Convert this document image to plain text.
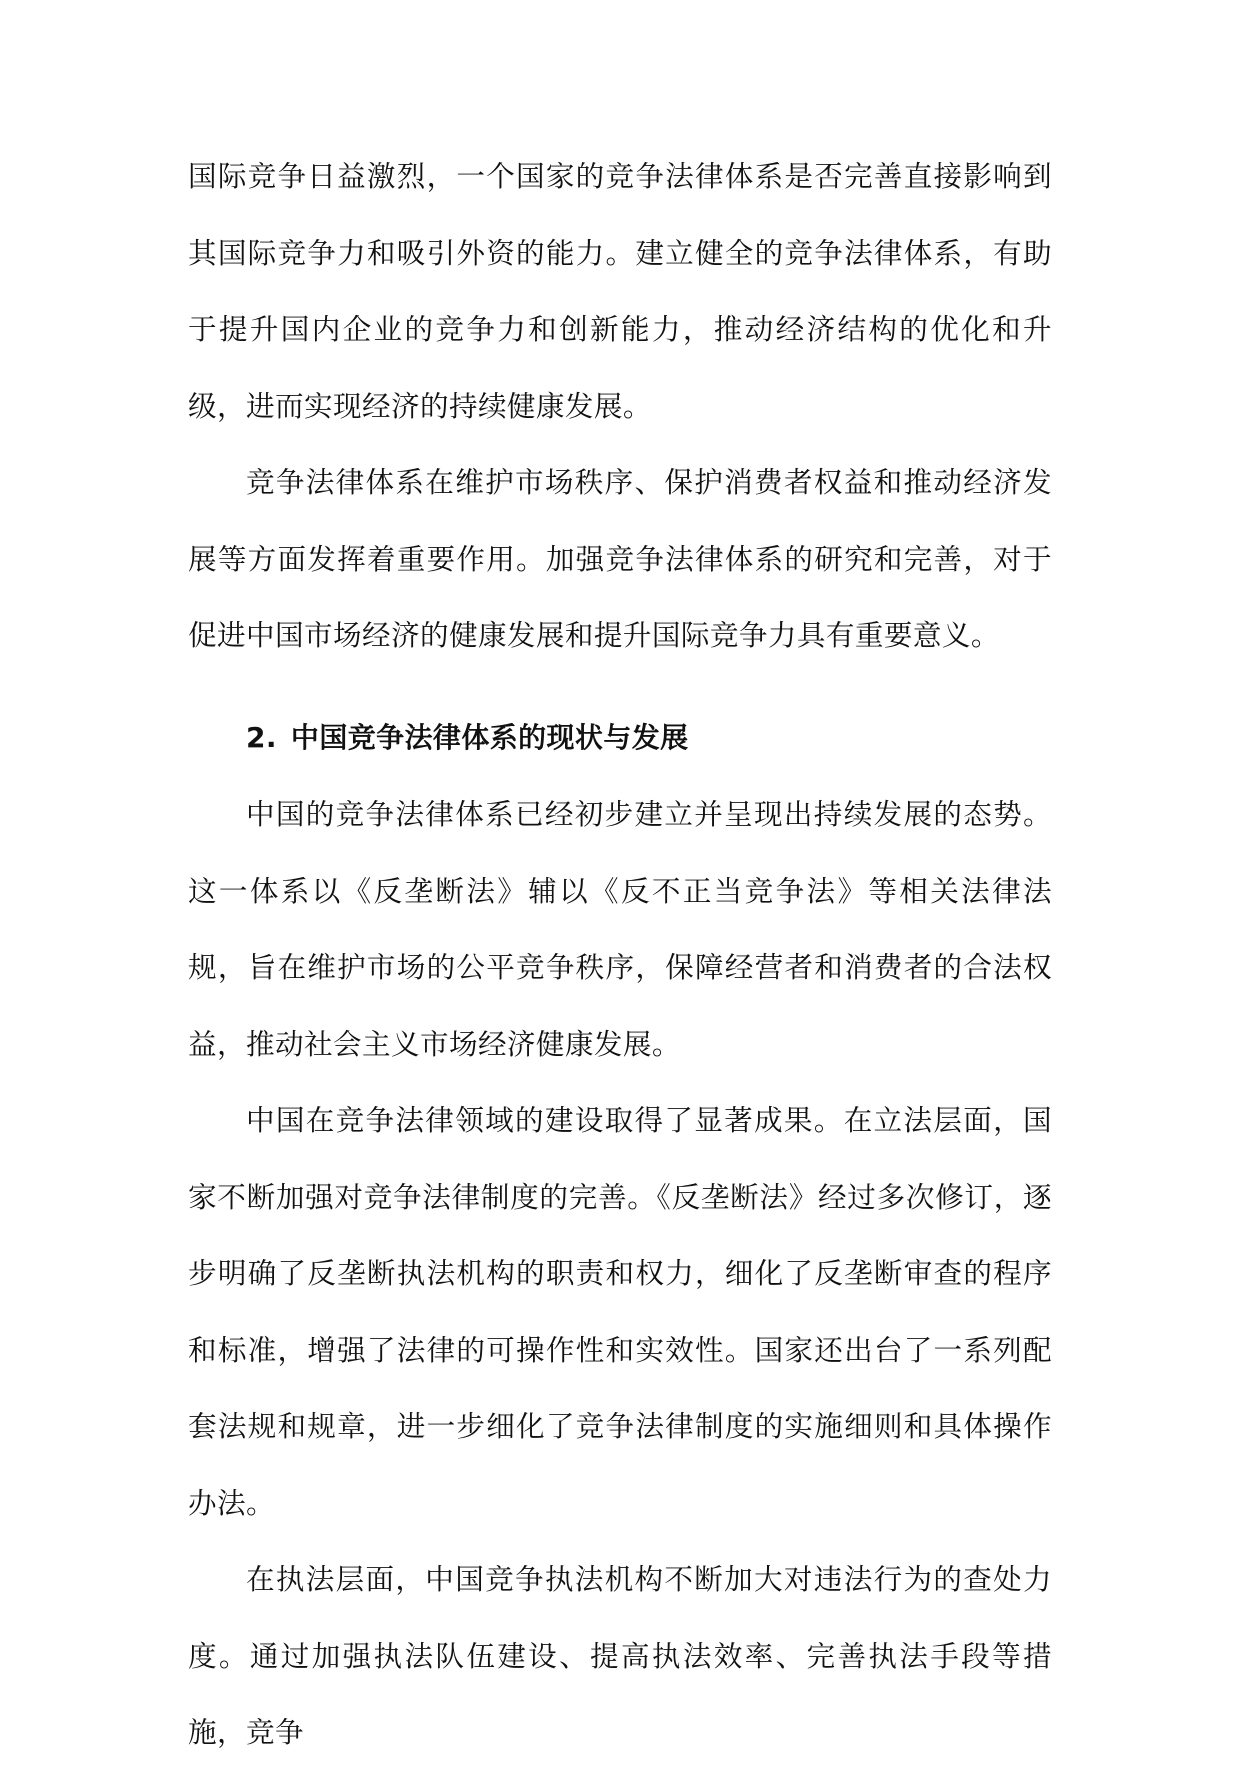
国际竞争日益激烈，一个国家的竞争法律体系是否完善直接影响到其国际竞争力和吸引外资的能力。建立健全的竞争法律体系，有助于提升国内企业的竞争力和创新能力，推动经济结构的优化和升级，进而实现经济的持续健康发展。

竞争法律体系在维护市场秩序、保护消费者权益和推动经济发展等方面发挥着重要作用。加强竞争法律体系的研究和完善，对于促进中国市场经济的健康发展和提升国际竞争力具有重要意义。

2. 中国竞争法律体系的现状与发展

中国的竞争法律体系已经初步建立并呈现出持续发展的态势。这一体系以《反垄断法》辅以《反不正当竞争法》等相关法律法规，旨在维护市场的公平竞争秩序，保障经营者和消费者的合法权益，推动社会主义市场经济健康发展。

中国在竞争法律领域的建设取得了显著成果。在立法层面，国家不断加强对竞争法律制度的完善。《反垄断法》经过多次修订，逐步明确了反垄断执法机构的职责和权力，细化了反垄断审查的程序和标准，增强了法律的可操作性和实效性。国家还出台了一系列配套法规和规章，进一步细化了竞争法律制度的实施细则和具体操作办法。

在执法层面，中国竞争执法机构不断加大对违法行为的查处力度。通过加强执法队伍建设、提高执法效率、完善执法手段等措施，竞争
